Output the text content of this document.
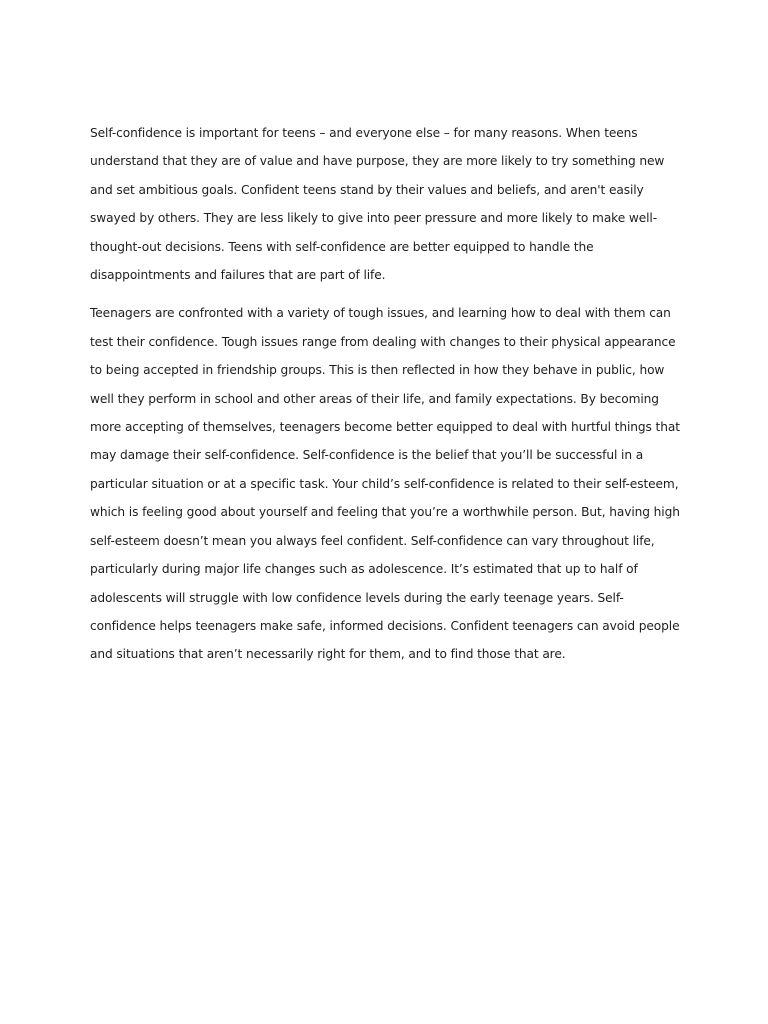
Self-confidence is important for teens – and everyone else – for many reasons. When teens understand that they are of value and have purpose, they are more likely to try something new and set ambitious goals. Confident teens stand by their values and beliefs, and aren't easily swayed by others. They are less likely to give into peer pressure and more likely to make well-thought-out decisions. Teens with self-confidence are better equipped to handle the disappointments and failures that are part of life.

Teenagers are confronted with a variety of tough issues, and learning how to deal with them can test their confidence. Tough issues range from dealing with changes to their physical appearance to being accepted in friendship groups. This is then reflected in how they behave in public, how well they perform in school and other areas of their life, and family expectations. By becoming more accepting of themselves, teenagers become better equipped to deal with hurtful things that may damage their self-confidence. Self-confidence is the belief that you’ll be successful in a particular situation or at a specific task. Your child’s self-confidence is related to their self-esteem, which is feeling good about yourself and feeling that you’re a worthwhile person. But, having high self-esteem doesn’t mean you always feel confident. Self-confidence can vary throughout life, particularly during major life changes such as adolescence. It’s estimated that up to half of adolescents will struggle with low confidence levels during the early teenage years. Self-confidence helps teenagers make safe, informed decisions. Confident teenagers can avoid people and situations that aren’t necessarily right for them, and to find those that are.
